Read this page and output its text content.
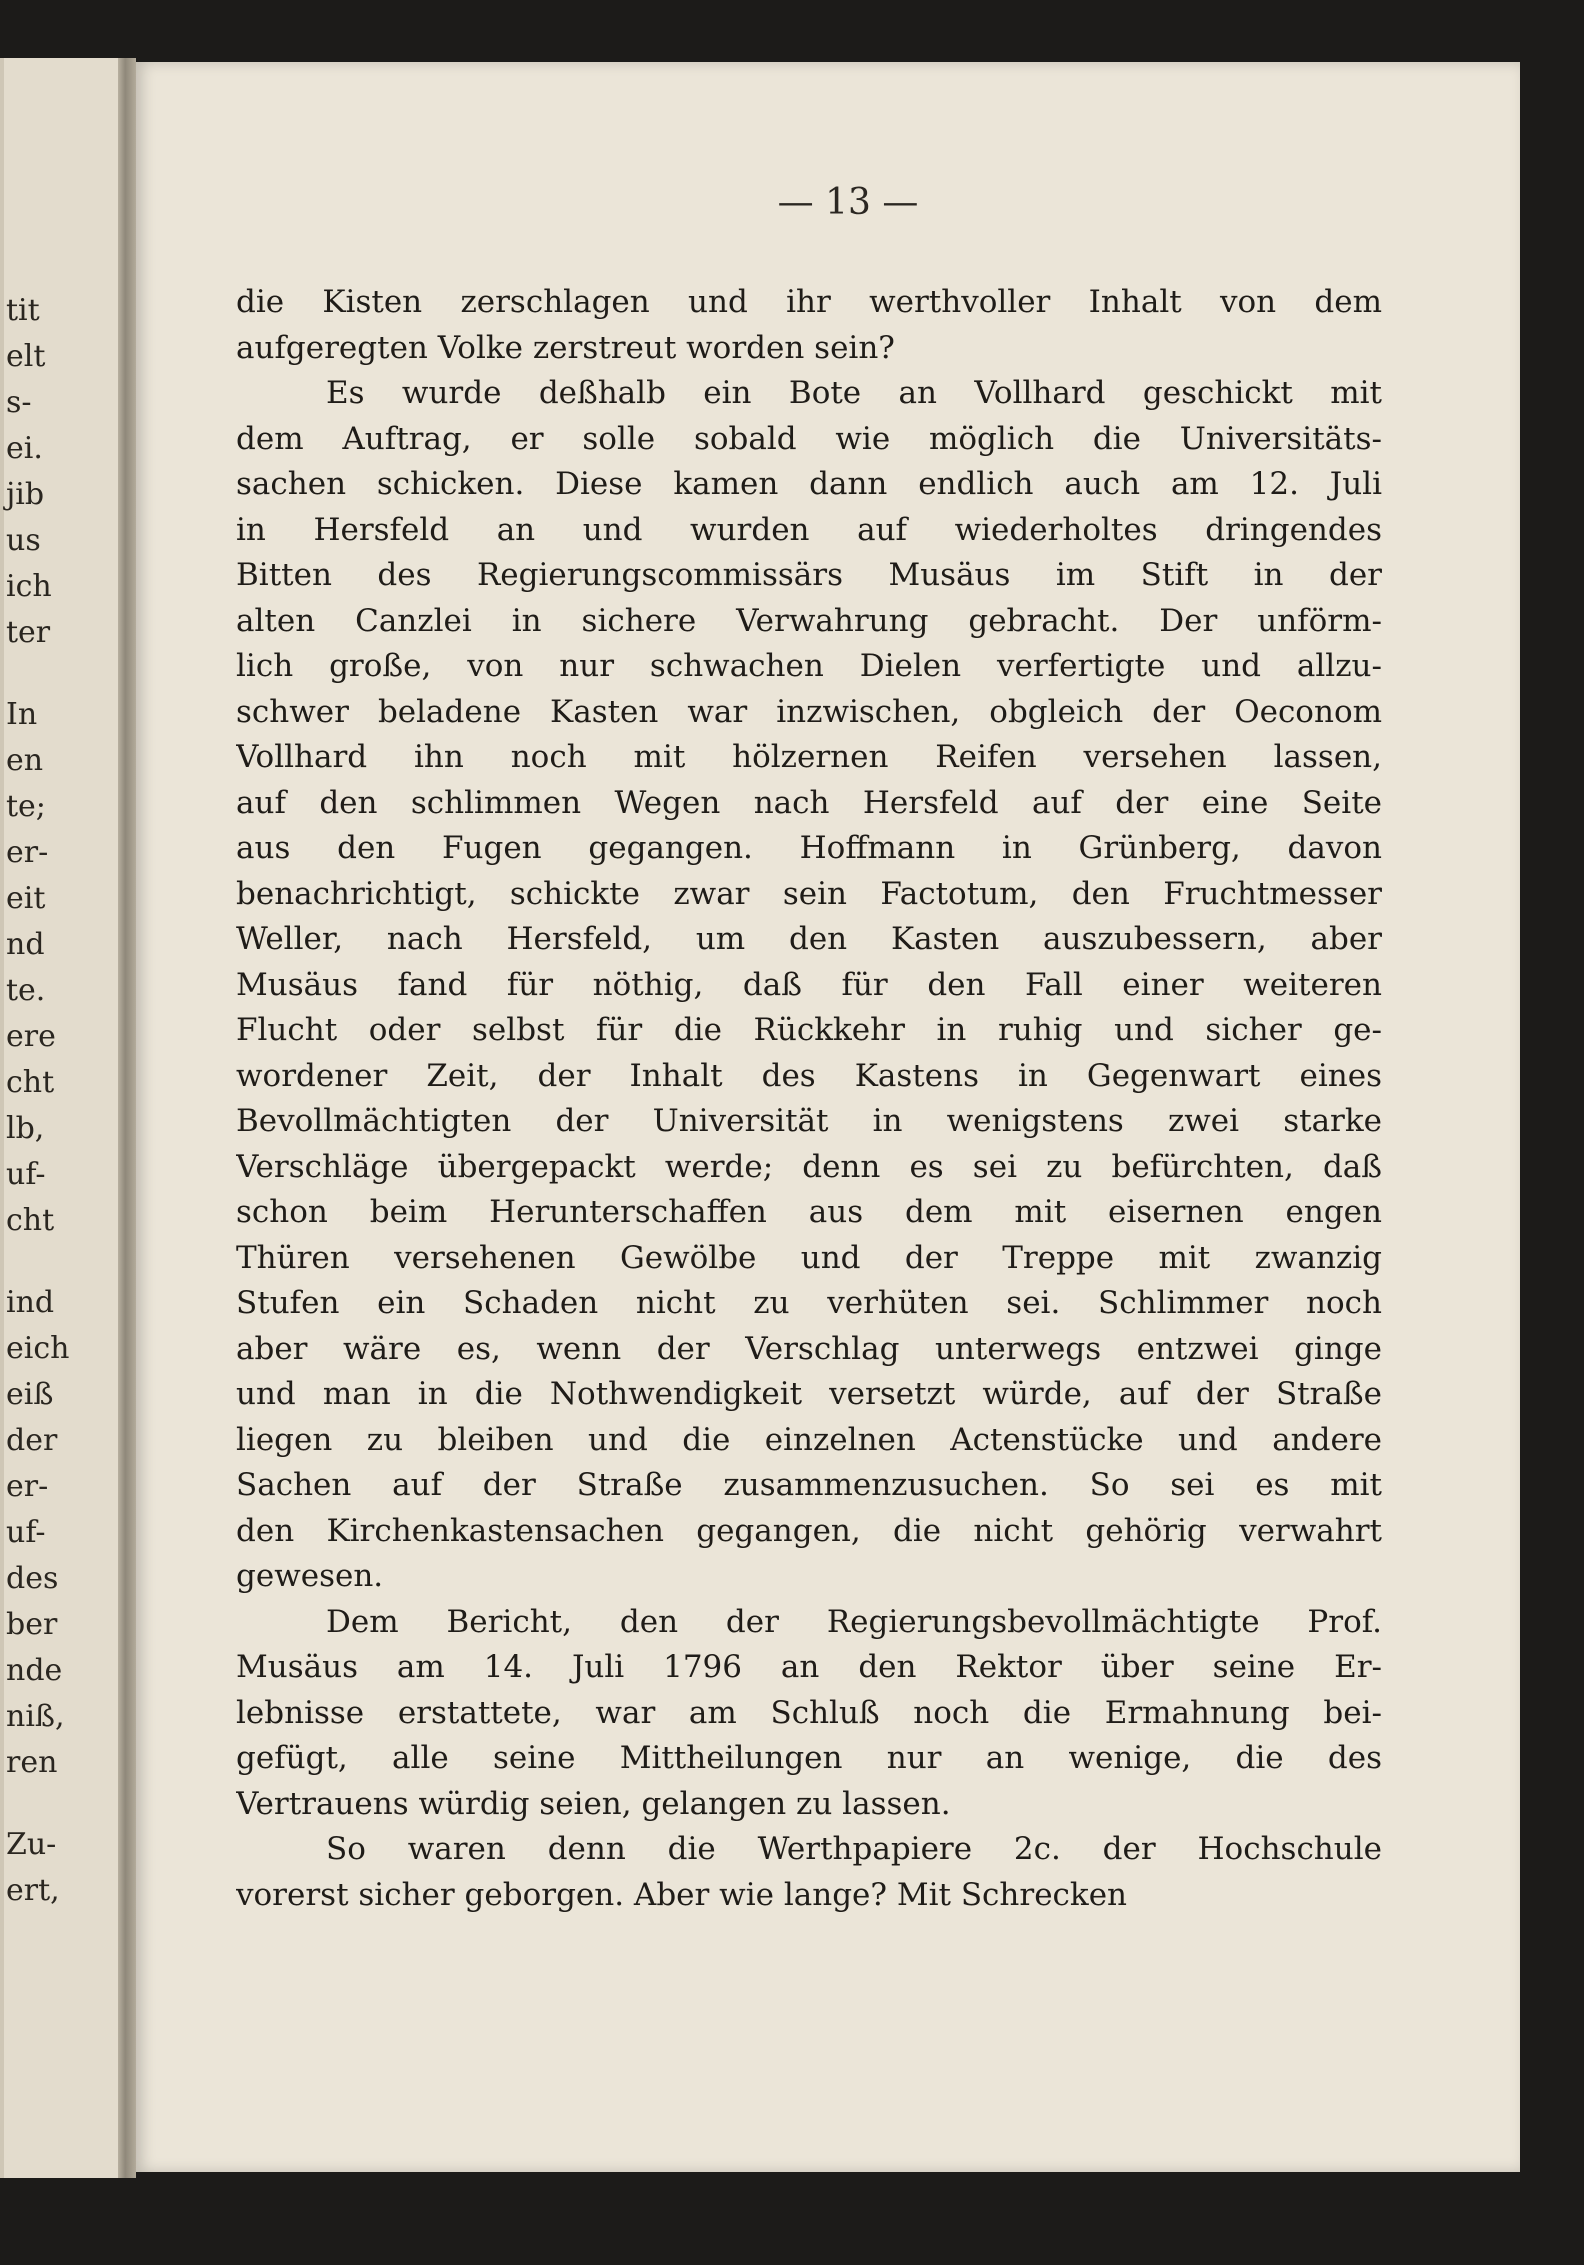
tit
elt
s-
ei.
jib
us
ich
ter
In
en
te;
er-
eit
nd
te.
ere
cht
lb,
uf-
cht
ind
eich
eiß
der
er-
uf-
des
ber
nde
niß,
ren
Zu-
ert,
— 13 —
die Kisten zerschlagen und ihr werthvoller Inhalt von dem
aufgeregten Volke zerstreut worden sein?
Es wurde deßhalb ein Bote an Vollhard geschickt mit
dem Auftrag, er solle sobald wie möglich die Universitäts-
sachen schicken. Diese kamen dann endlich auch am 12. Juli
in Hersfeld an und wurden auf wiederholtes dringendes
Bitten des Regierungscommissärs Musäus im Stift in der
alten Canzlei in sichere Verwahrung gebracht. Der unförm-
lich große, von nur schwachen Dielen verfertigte und allzu-
schwer beladene Kasten war inzwischen, obgleich der Oeconom
Vollhard ihn noch mit hölzernen Reifen versehen lassen,
auf den schlimmen Wegen nach Hersfeld auf der eine Seite
aus den Fugen gegangen. Hoffmann in Grünberg, davon
benachrichtigt, schickte zwar sein Factotum, den Fruchtmesser
Weller, nach Hersfeld, um den Kasten auszubessern, aber
Musäus fand für nöthig, daß für den Fall einer weiteren
Flucht oder selbst für die Rückkehr in ruhig und sicher ge-
wordener Zeit, der Inhalt des Kastens in Gegenwart eines
Bevollmächtigten der Universität in wenigstens zwei starke
Verschläge übergepackt werde; denn es sei zu befürchten, daß
schon beim Herunterschaffen aus dem mit eisernen engen
Thüren versehenen Gewölbe und der Treppe mit zwanzig
Stufen ein Schaden nicht zu verhüten sei. Schlimmer noch
aber wäre es, wenn der Verschlag unterwegs entzwei ginge
und man in die Nothwendigkeit versetzt würde, auf der Straße
liegen zu bleiben und die einzelnen Actenstücke und andere
Sachen auf der Straße zusammenzusuchen. So sei es mit
den Kirchenkastensachen gegangen, die nicht gehörig verwahrt
gewesen.
Dem Bericht, den der Regierungsbevollmächtigte Prof.
Musäus am 14. Juli 1796 an den Rektor über seine Er-
lebnisse erstattete, war am Schluß noch die Ermahnung bei-
gefügt, alle seine Mittheilungen nur an wenige, die des
Vertrauens würdig seien, gelangen zu lassen.
So waren denn die Werthpapiere 2c. der Hochschule
vorerst sicher geborgen. Aber wie lange? Mit Schrecken
